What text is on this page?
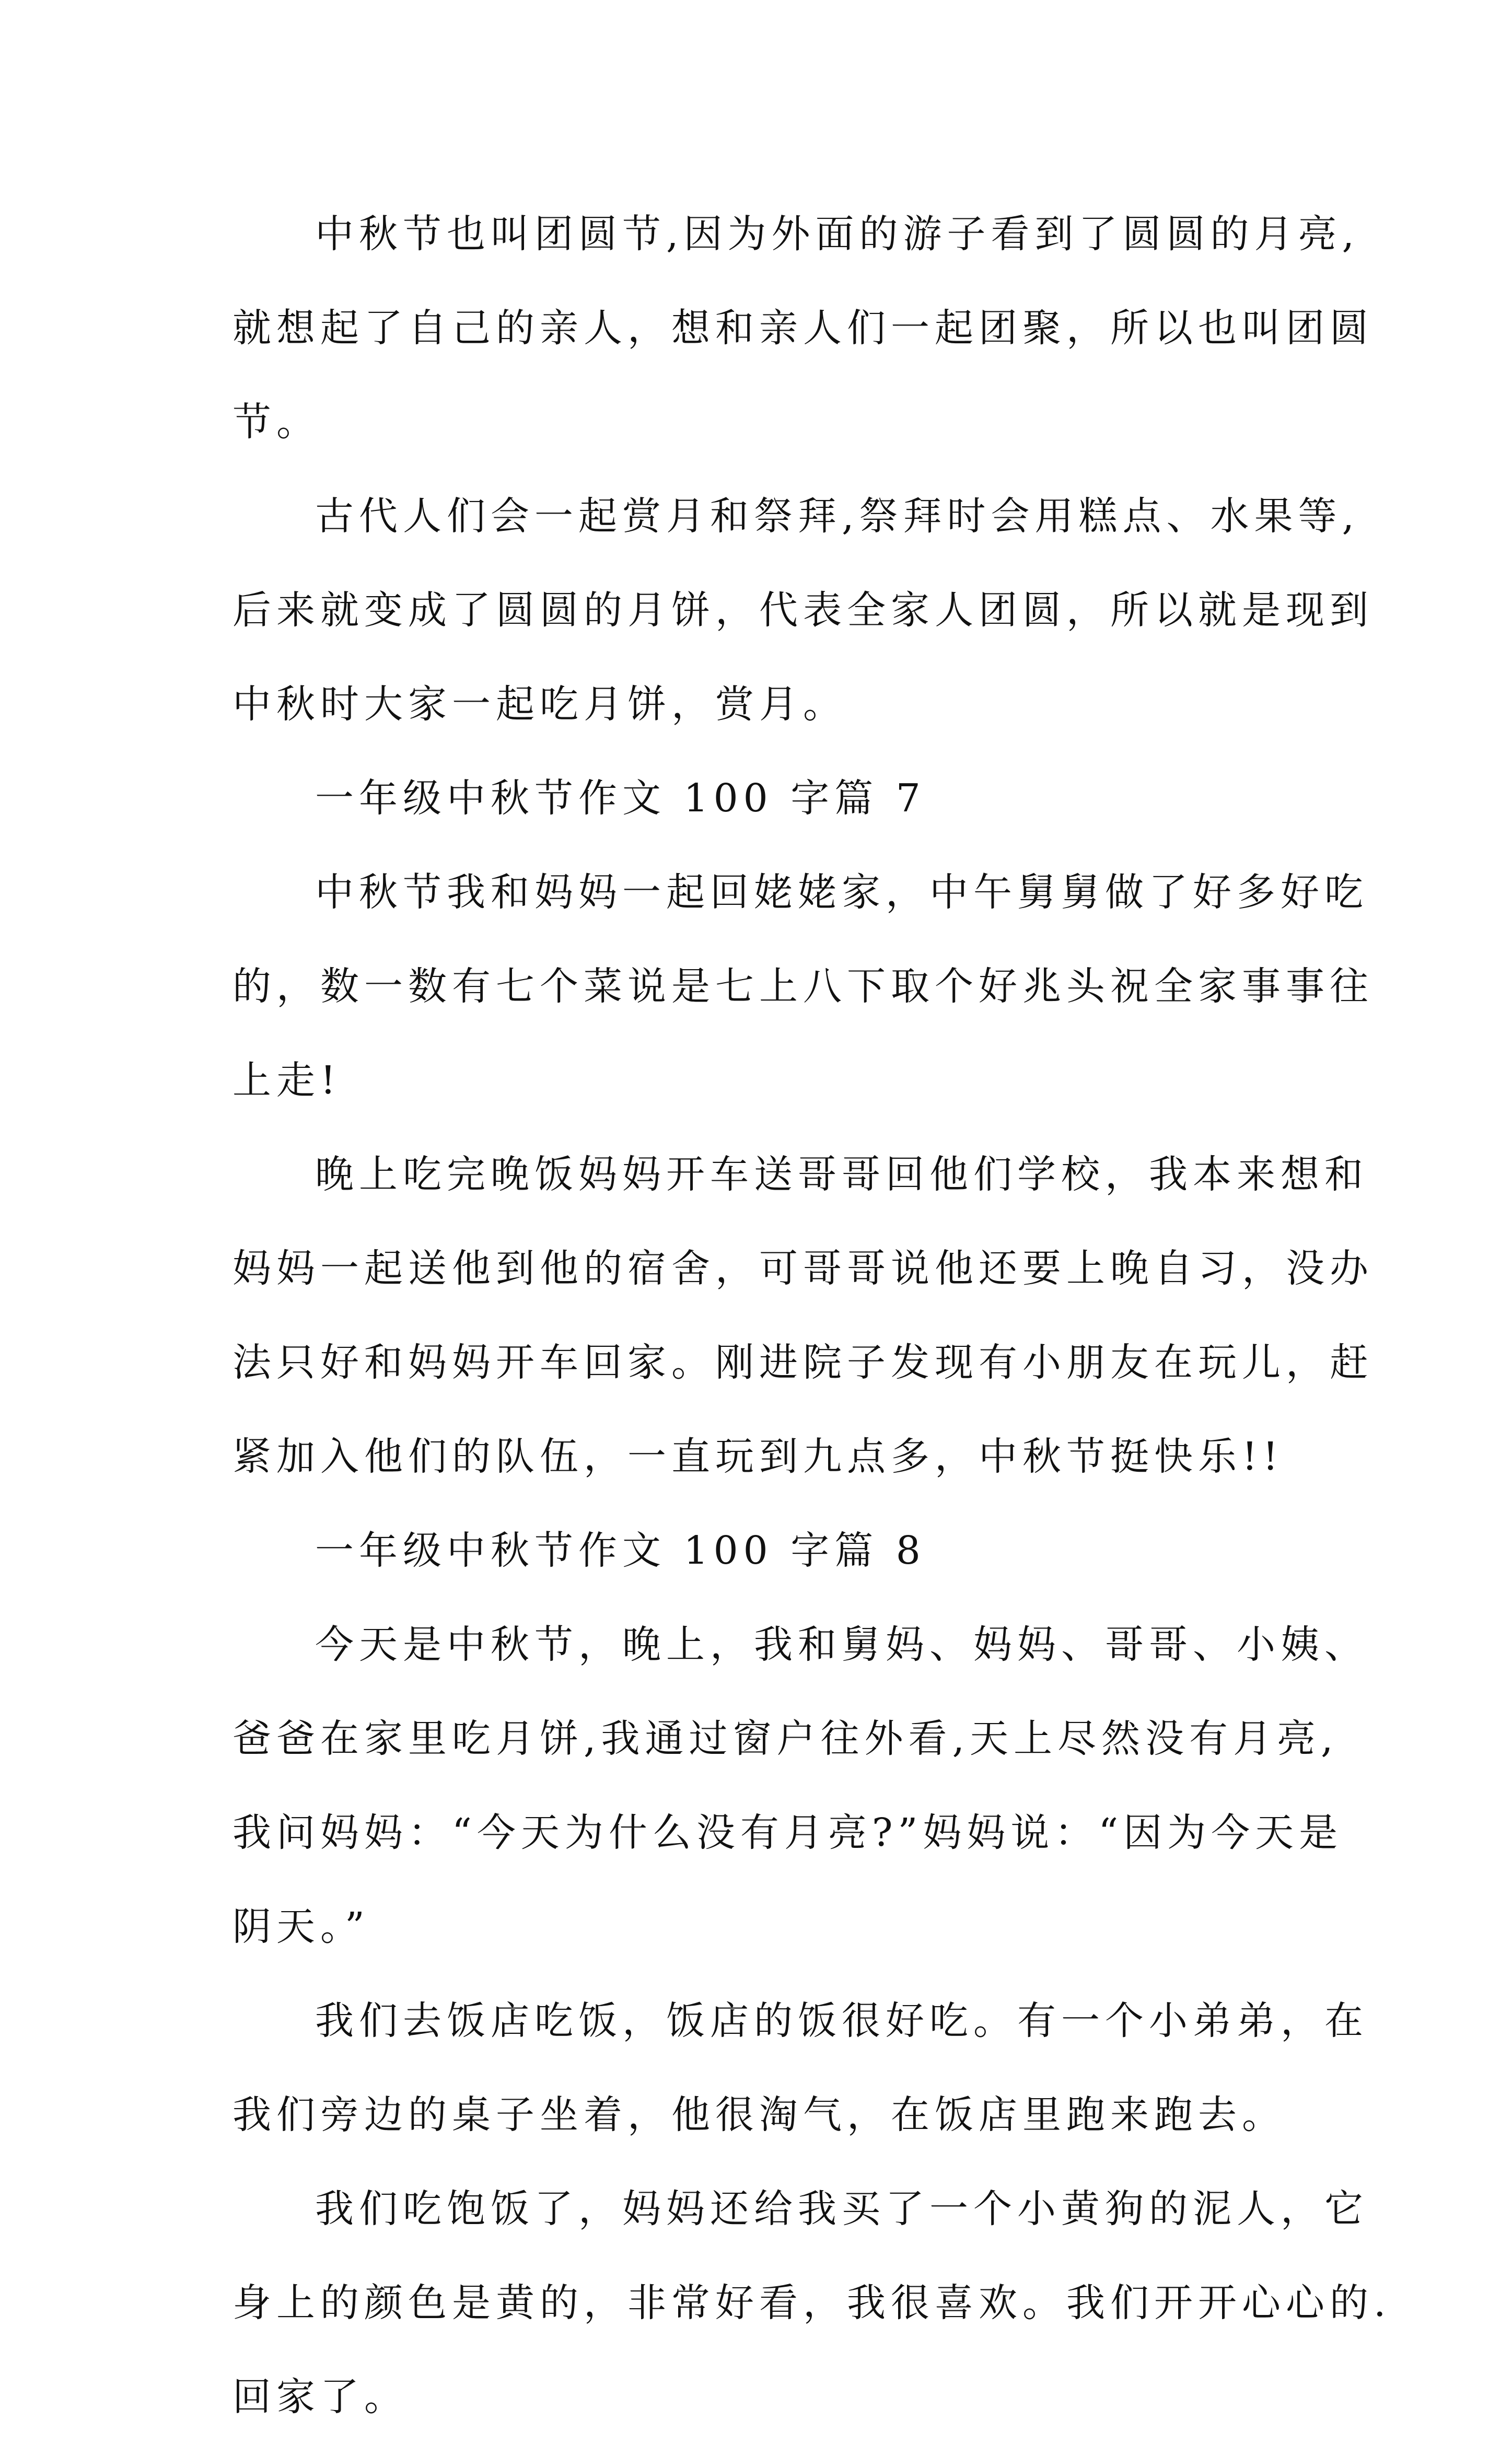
中秋节也叫团圆节,因为外面的游子看到了圆圆的月亮,
就想起了自己的亲人，想和亲人们一起团聚，所以也叫团圆
节。
古代人们会一起赏月和祭拜,祭拜时会用糕点、水果等,
后来就变成了圆圆的月饼，代表全家人团圆，所以就是现到
中秋时大家一起吃月饼，赏月。
一年级中秋节作文 100 字篇 7
中秋节我和妈妈一起回姥姥家，中午舅舅做了好多好吃
的，数一数有七个菜说是七上八下取个好兆头祝全家事事往
上走!
晚上吃完晚饭妈妈开车送哥哥回他们学校，我本来想和
妈妈一起送他到他的宿舍，可哥哥说他还要上晚自习，没办
法只好和妈妈开车回家。刚进院子发现有小朋友在玩儿，赶
紧加入他们的队伍，一直玩到九点多，中秋节挺快乐!!
一年级中秋节作文 100 字篇 8
今天是中秋节，晚上，我和舅妈、妈妈、哥哥、小姨、
爸爸在家里吃月饼,我通过窗户往外看,天上尽然没有月亮,
我问妈妈：“今天为什么没有月亮?”妈妈说：“因为今天是
阴天。”
我们去饭店吃饭，饭店的饭很好吃。有一个小弟弟，在
我们旁边的桌子坐着，他很淘气，在饭店里跑来跑去。
我们吃饱饭了，妈妈还给我买了一个小黄狗的泥人，它
身上的颜色是黄的，非常好看，我很喜欢。我们开开心心的.
回家了。
